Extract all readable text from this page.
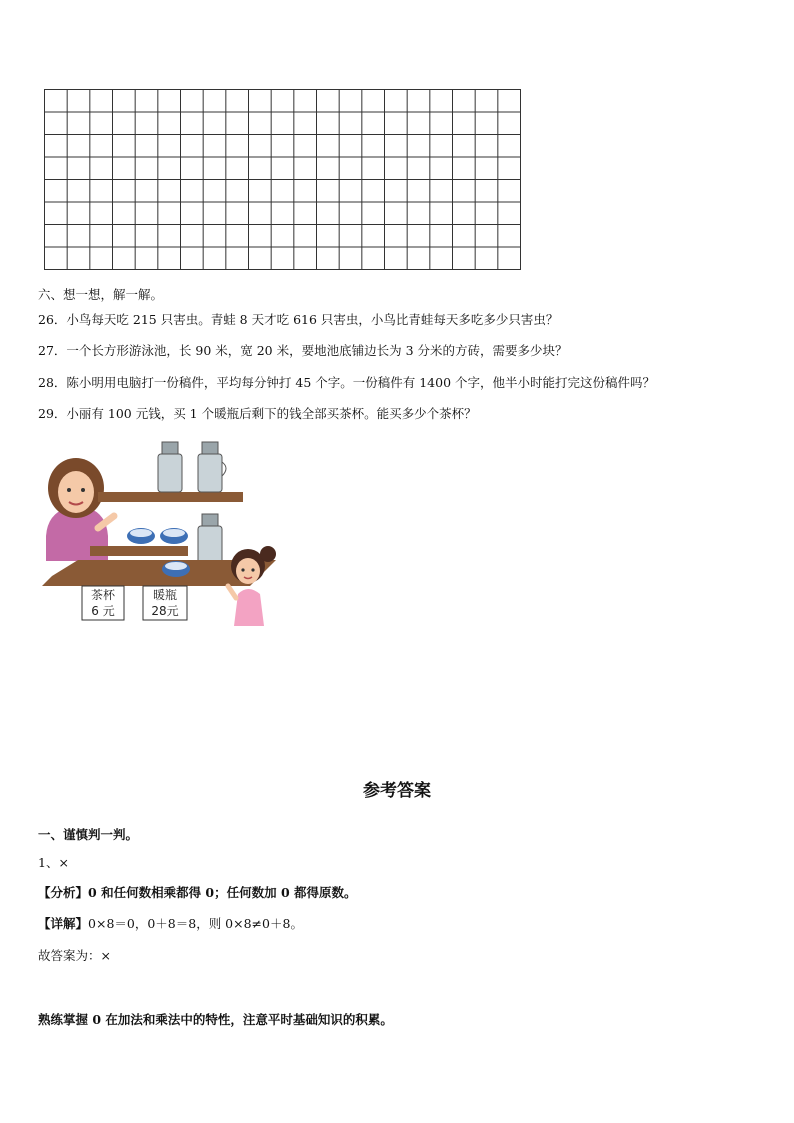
六、想一想，解一解。
26．小鸟每天吃 215 只害虫。青蛙 8 天才吃 616 只害虫，小鸟比青蛙每天多吃多少只害虫？
27．一个长方形游泳池，长 90 米，宽 20 米，要地池底铺边长为 3 分米的方砖，需要多少块？
28．陈小明用电脑打一份稿件，平均每分钟打 45 个字。一份稿件有 1400 个字，他半小时能打完这份稿件吗？
29．小丽有 100 元钱，买 1 个暖瓶后剩下的钱全部买茶杯。能买多少个茶杯？
茶杯
6 元
暖瓶
28元
参考答案
一、谨慎判一判。
1、×
【分析】0 和任何数相乘都得 0；任何数加 0 都得原数。
【详解】0×8＝0，0＋8＝8，则 0×8≠0＋8。
故答案为：×
熟练掌握 0 在加法和乘法中的特性，注意平时基础知识的积累。
